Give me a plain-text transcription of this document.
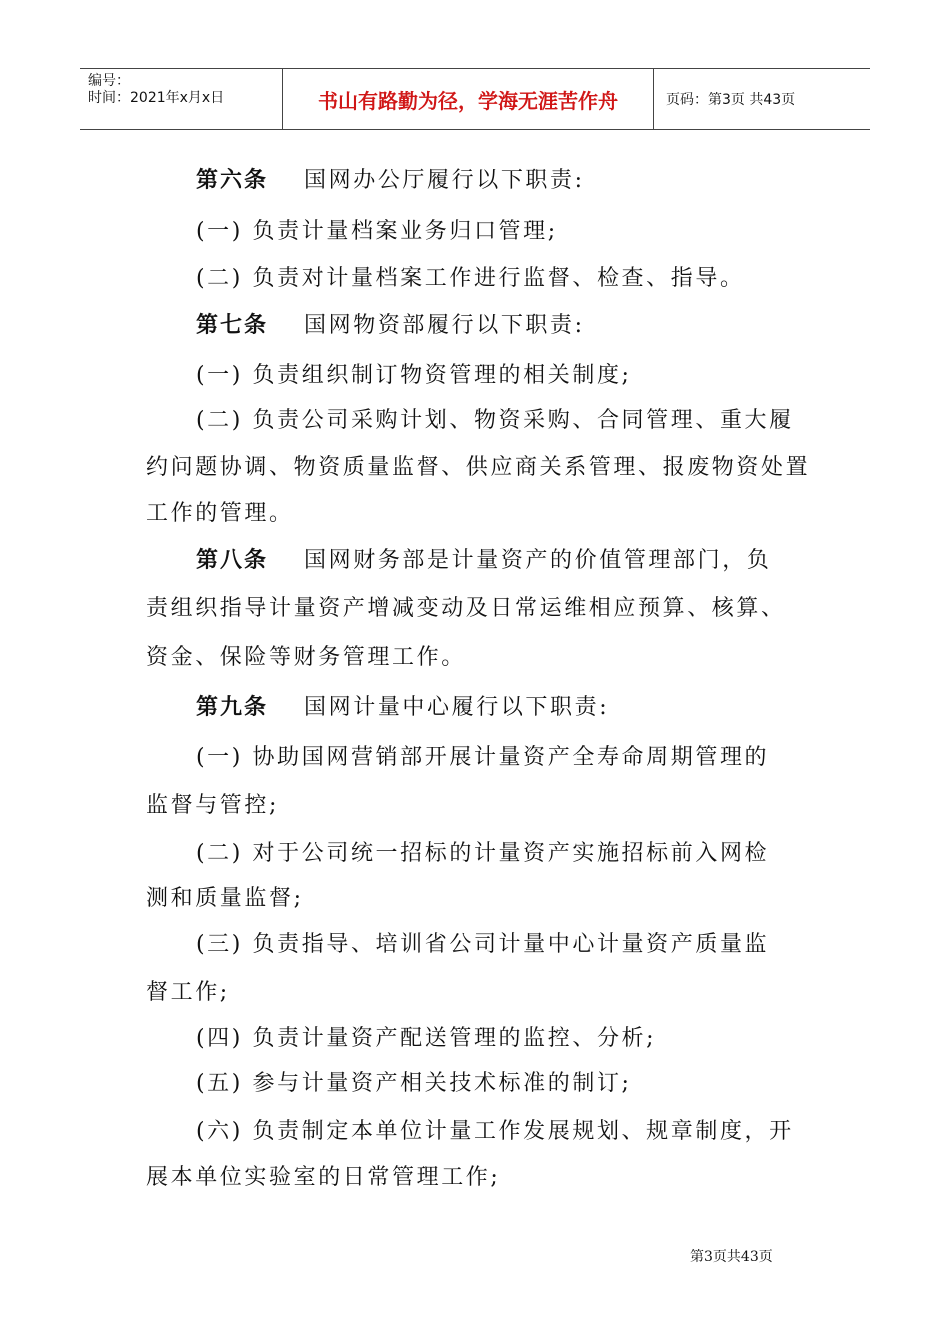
编号：
时间：2021年x月x日	书山有路勤为径，学海无涯苦作舟	页码：第3页 共43页
第六条 国网办公厅履行以下职责:
(一) 负责计量档案业务归口管理;
(二) 负责对计量档案工作进行监督、检查、指导。
第七条 国网物资部履行以下职责:
(一) 负责组织制订物资管理的相关制度;
(二) 负责公司采购计划、物资采购、合同管理、重大履
约问题协调、物资质量监督、供应商关系管理、报废物资处置
工作的管理。
第八条 国网财务部是计量资产的价值管理部门，负
责组织指导计量资产增减变动及日常运维相应预算、核算、
资金、保险等财务管理工作。
第九条 国网计量中心履行以下职责:
(一) 协助国网营销部开展计量资产全寿命周期管理的
监督与管控;
(二) 对于公司统一招标的计量资产实施招标前入网检
测和质量监督;
(三) 负责指导、培训省公司计量中心计量资产质量监
督工作;
(四) 负责计量资产配送管理的监控、分析;
(五) 参与计量资产相关技术标准的制订;
(六) 负责制定本单位计量工作发展规划、规章制度，开
展本单位实验室的日常管理工作;
第3页共43页
